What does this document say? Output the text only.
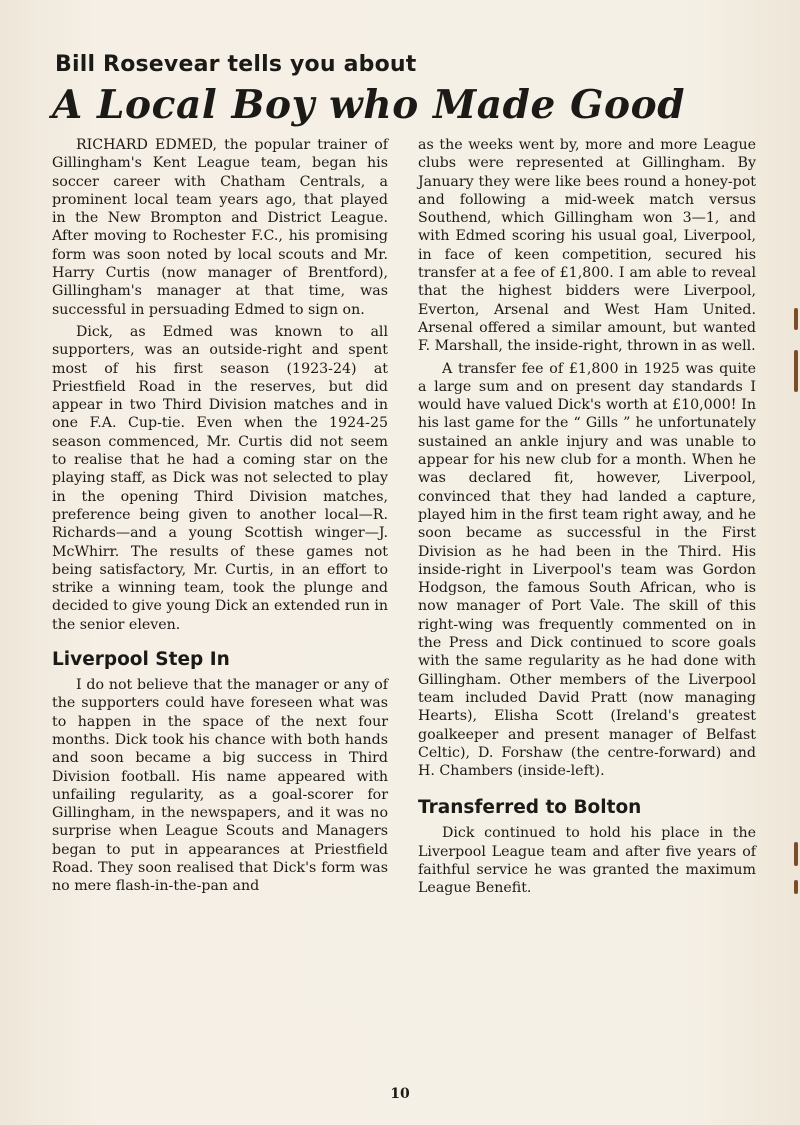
Bill Rosevear tells you about
A Local Boy who Made Good

RICHARD EDMED, the popular trainer of Gillingham's Kent League team, began his soccer career with Chatham Centrals, a prominent local team years ago, that played in the New Brompton and District League. After moving to Rochester F.C., his promising form was soon noted by local scouts and Mr. Harry Curtis (now manager of Brentford), Gillingham's manager at that time, was successful in persuading Edmed to sign on.

Dick, as Edmed was known to all supporters, was an outside-right and spent most of his first season (1923-24) at Priestfield Road in the reserves, but did appear in two Third Division matches and in one F.A. Cup-tie. Even when the 1924-25 season commenced, Mr. Curtis did not seem to realise that he had a coming star on the playing staff, as Dick was not selected to play in the opening Third Division matches, preference being given to another local—R. Richards—and a young Scottish winger—J. McWhirr. The results of these games not being satisfactory, Mr. Curtis, in an effort to strike a winning team, took the plunge and decided to give young Dick an extended run in the senior eleven.

Liverpool Step In

I do not believe that the manager or any of the supporters could have foreseen what was to happen in the space of the next four months. Dick took his chance with both hands and soon became a big success in Third Division football. His name appeared with unfailing regularity, as a goal-scorer for Gillingham, in the newspapers, and it was no surprise when League Scouts and Managers began to put in appearances at Priestfield Road. They soon realised that Dick's form was no mere flash-in-the-pan and

as the weeks went by, more and more League clubs were represented at Gillingham. By January they were like bees round a honey-pot and following a mid-week match versus Southend, which Gillingham won 3—1, and with Edmed scoring his usual goal, Liverpool, in face of keen competition, secured his transfer at a fee of £1,800. I am able to reveal that the highest bidders were Liverpool, Everton, Arsenal and West Ham United. Arsenal offered a similar amount, but wanted F. Marshall, the inside-right, thrown in as well.

A transfer fee of £1,800 in 1925 was quite a large sum and on present day standards I would have valued Dick's worth at £10,000! In his last game for the “ Gills ” he unfortunately sustained an ankle injury and was unable to appear for his new club for a month. When he was declared fit, however, Liverpool, convinced that they had landed a capture, played him in the first team right away, and he soon became as successful in the First Division as he had been in the Third. His inside-right in Liverpool's team was Gordon Hodgson, the famous South African, who is now manager of Port Vale. The skill of this right-wing was frequently commented on in the Press and Dick continued to score goals with the same regularity as he had done with Gillingham. Other members of the Liverpool team included David Pratt (now managing Hearts), Elisha Scott (Ireland's greatest goalkeeper and present manager of Belfast Celtic), D. Forshaw (the centre-forward) and H. Chambers (inside-left).

Transferred to Bolton

Dick continued to hold his place in the Liverpool League team and after five years of faithful service he was granted the maximum League Benefit.

10
